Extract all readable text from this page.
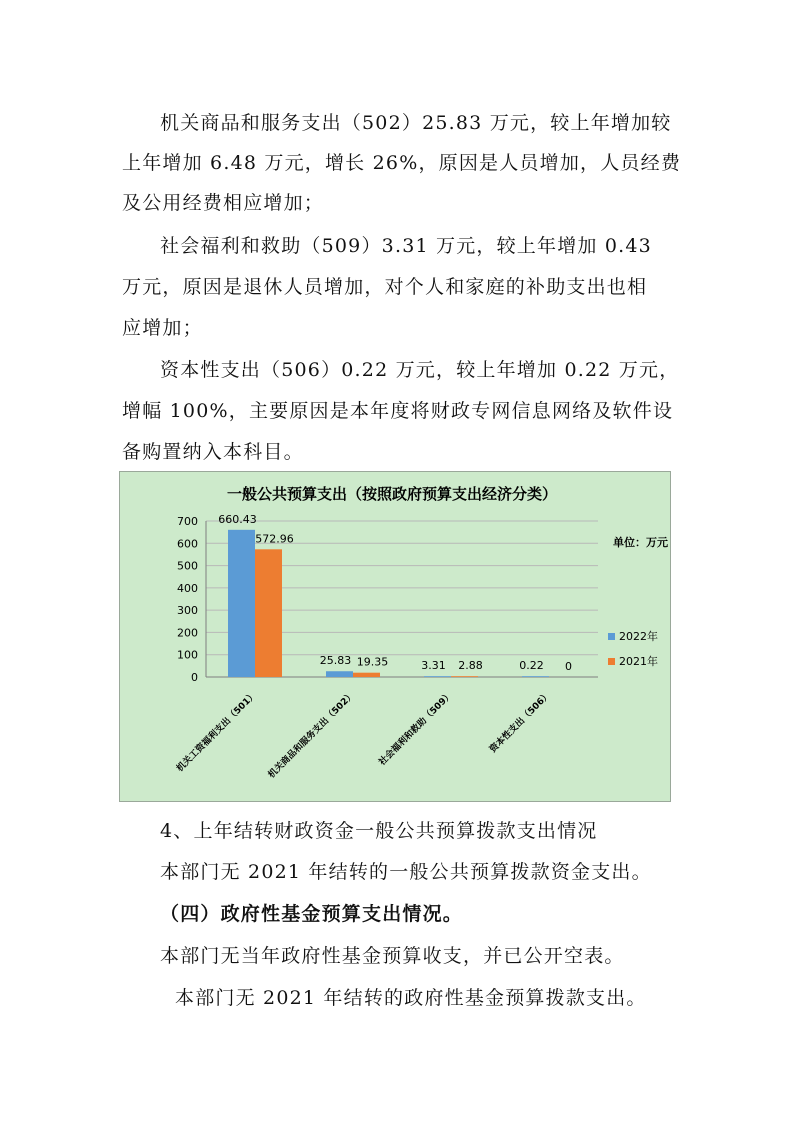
机关商品和服务支出（502）25.83 万元，较上年增加较
上年增加 6.48 万元，增长 26%，原因是人员增加，人员经费
及公用经费相应增加；
社会福利和救助（509）3.31 万元，较上年增加 0.43
万元，原因是退休人员增加，对个人和家庭的补助支出也相
应增加；
资本性支出（506）0.22 万元，较上年增加 0.22 万元，
增幅 100%，主要原因是本年度将财政专网信息网络及软件设
备购置纳入本科目。
一般公共预算支出（按照政府预算支出经济分类）
单位：万元
0
100
200
300
400
500
600
700 660.43
572.96
机关工资福利支出（501）
25.83 19.35
机关商品和服务支出（502）
3.31 2.88
社会福利和救助（509）
0.22 0
资本性支出（506）
2022年
2021年
4、上年结转财政资金一般公共预算拨款支出情况
本部门无 2021 年结转的一般公共预算拨款资金支出。
（四）政府性基金预算支出情况。
本部门无当年政府性基金预算收支，并已公开空表。
本部门无 2021 年结转的政府性基金预算拨款支出。
